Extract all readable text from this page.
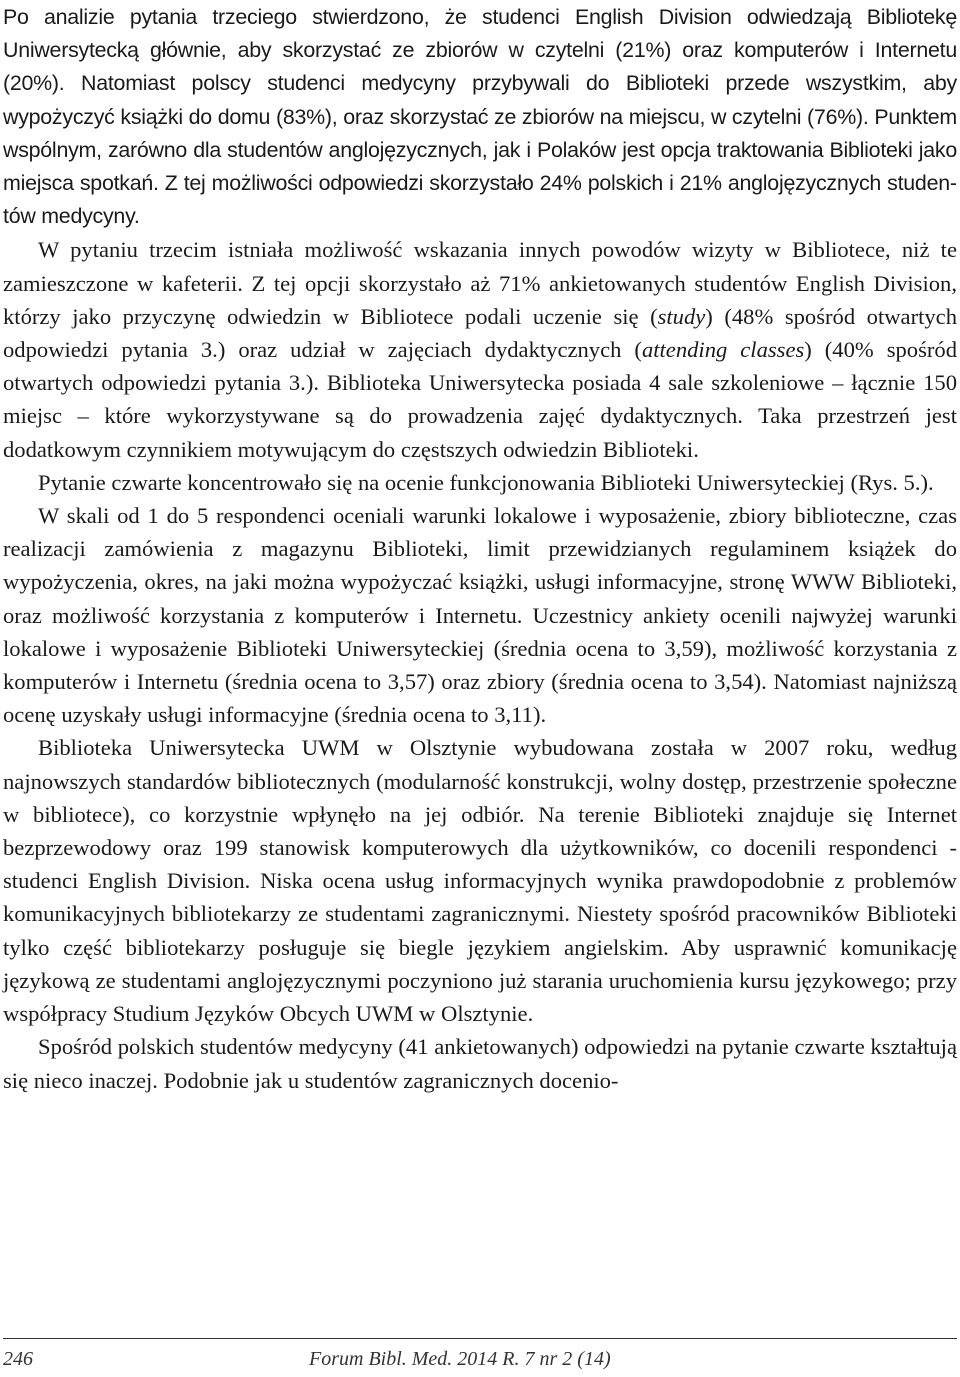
Po analizie pytania trzeciego stwierdzono, że studenci English Division odwiedzają Bibliotekę Uniwersytecką głównie, aby skorzystać ze zbiorów w czytelni (21%) oraz komputerów i Internetu (20%). Natomiast polscy studenci medycyny przybywali do Biblioteki przede wszystkim, aby wypożyczyć książki do domu (83%), oraz skorzystać ze zbiorów na miejscu, w czytelni (76%). Punktem wspólnym, zarówno dla studentów anglojęzycznych, jak i Polaków jest opcja traktowania Biblioteki jako miejsca spotkań. Z tej możliwości odpowiedzi skorzystało 24% polskich i 21% anglojęzycznych studentów medycyny.

W pytaniu trzecim istniała możliwość wskazania innych powodów wizyty w Bibliotece, niż te zamieszczone w kafeterii. Z tej opcji skorzystało aż 71% ankietowanych studentów English Division, którzy jako przyczynę odwiedzin w Bibliotece podali uczenie się (study) (48% spośród otwartych odpowiedzi pytania 3.) oraz udział w zajęciach dydaktycznych (attending classes) (40% spośród otwartych odpowiedzi pytania 3.). Biblioteka Uniwersytecka posiada 4 sale szkoleniowe – łącznie 150 miejsc – które wykorzystywane są do prowadzenia zajęć dydaktycznych. Taka przestrzeń jest dodatkowym czynnikiem motywującym do częstszych odwiedzin Biblioteki.

Pytanie czwarte koncentrowało się na ocenie funkcjonowania Biblioteki Uniwersyteckiej (Rys. 5.).

W skali od 1 do 5 respondenci oceniali warunki lokalowe i wyposażenie, zbiory biblioteczne, czas realizacji zamówienia z magazynu Biblioteki, limit przewidzianych regulaminem książek do wypożyczenia, okres, na jaki można wypożyczać książki, usługi informacyjne, stronę WWW Biblioteki, oraz możliwość korzystania z komputerów i Internetu. Uczestnicy ankiety ocenili najwyżej warunki lokalowe i wyposażenie Biblioteki Uniwersyteckiej (średnia ocena to 3,59), możliwość korzystania z komputerów i Internetu (średnia ocena to 3,57) oraz zbiory (średnia ocena to 3,54). Natomiast najniższą ocenę uzyskały usługi informacyjne (średnia ocena to 3,11).

Biblioteka Uniwersytecka UWM w Olsztynie wybudowana została w 2007 roku, według najnowszych standardów bibliotecznych (modularność konstrukcji, wolny dostęp, przestrzenie społeczne w bibliotece), co korzystnie wpłynęło na jej odbiór. Na terenie Biblioteki znajduje się Internet bezprzewodowy oraz 199 stanowisk komputerowych dla użytkowników, co docenili respondenci - studenci English Division. Niska ocena usług informacyjnych wynika prawdopodobnie z problemów komunikacyjnych bibliotekarzy ze studentami zagranicznymi. Niestety spośród pracowników Biblioteki tylko część bibliotekarzy posługuje się biegle językiem angielskim. Aby usprawnić komunikację językową ze studentami anglojęzycznymi poczyniono już starania uruchomienia kursu językowego; przy współpracy Studium Języków Obcych UWM w Olsztynie.

Spośród polskich studentów medycyny (41 ankietowanych) odpowiedzi na pytanie czwarte kształtują się nieco inaczej. Podobnie jak u studentów zagranicznych docenio-

246	Forum Bibl. Med. 2014 R. 7 nr 2 (14)
